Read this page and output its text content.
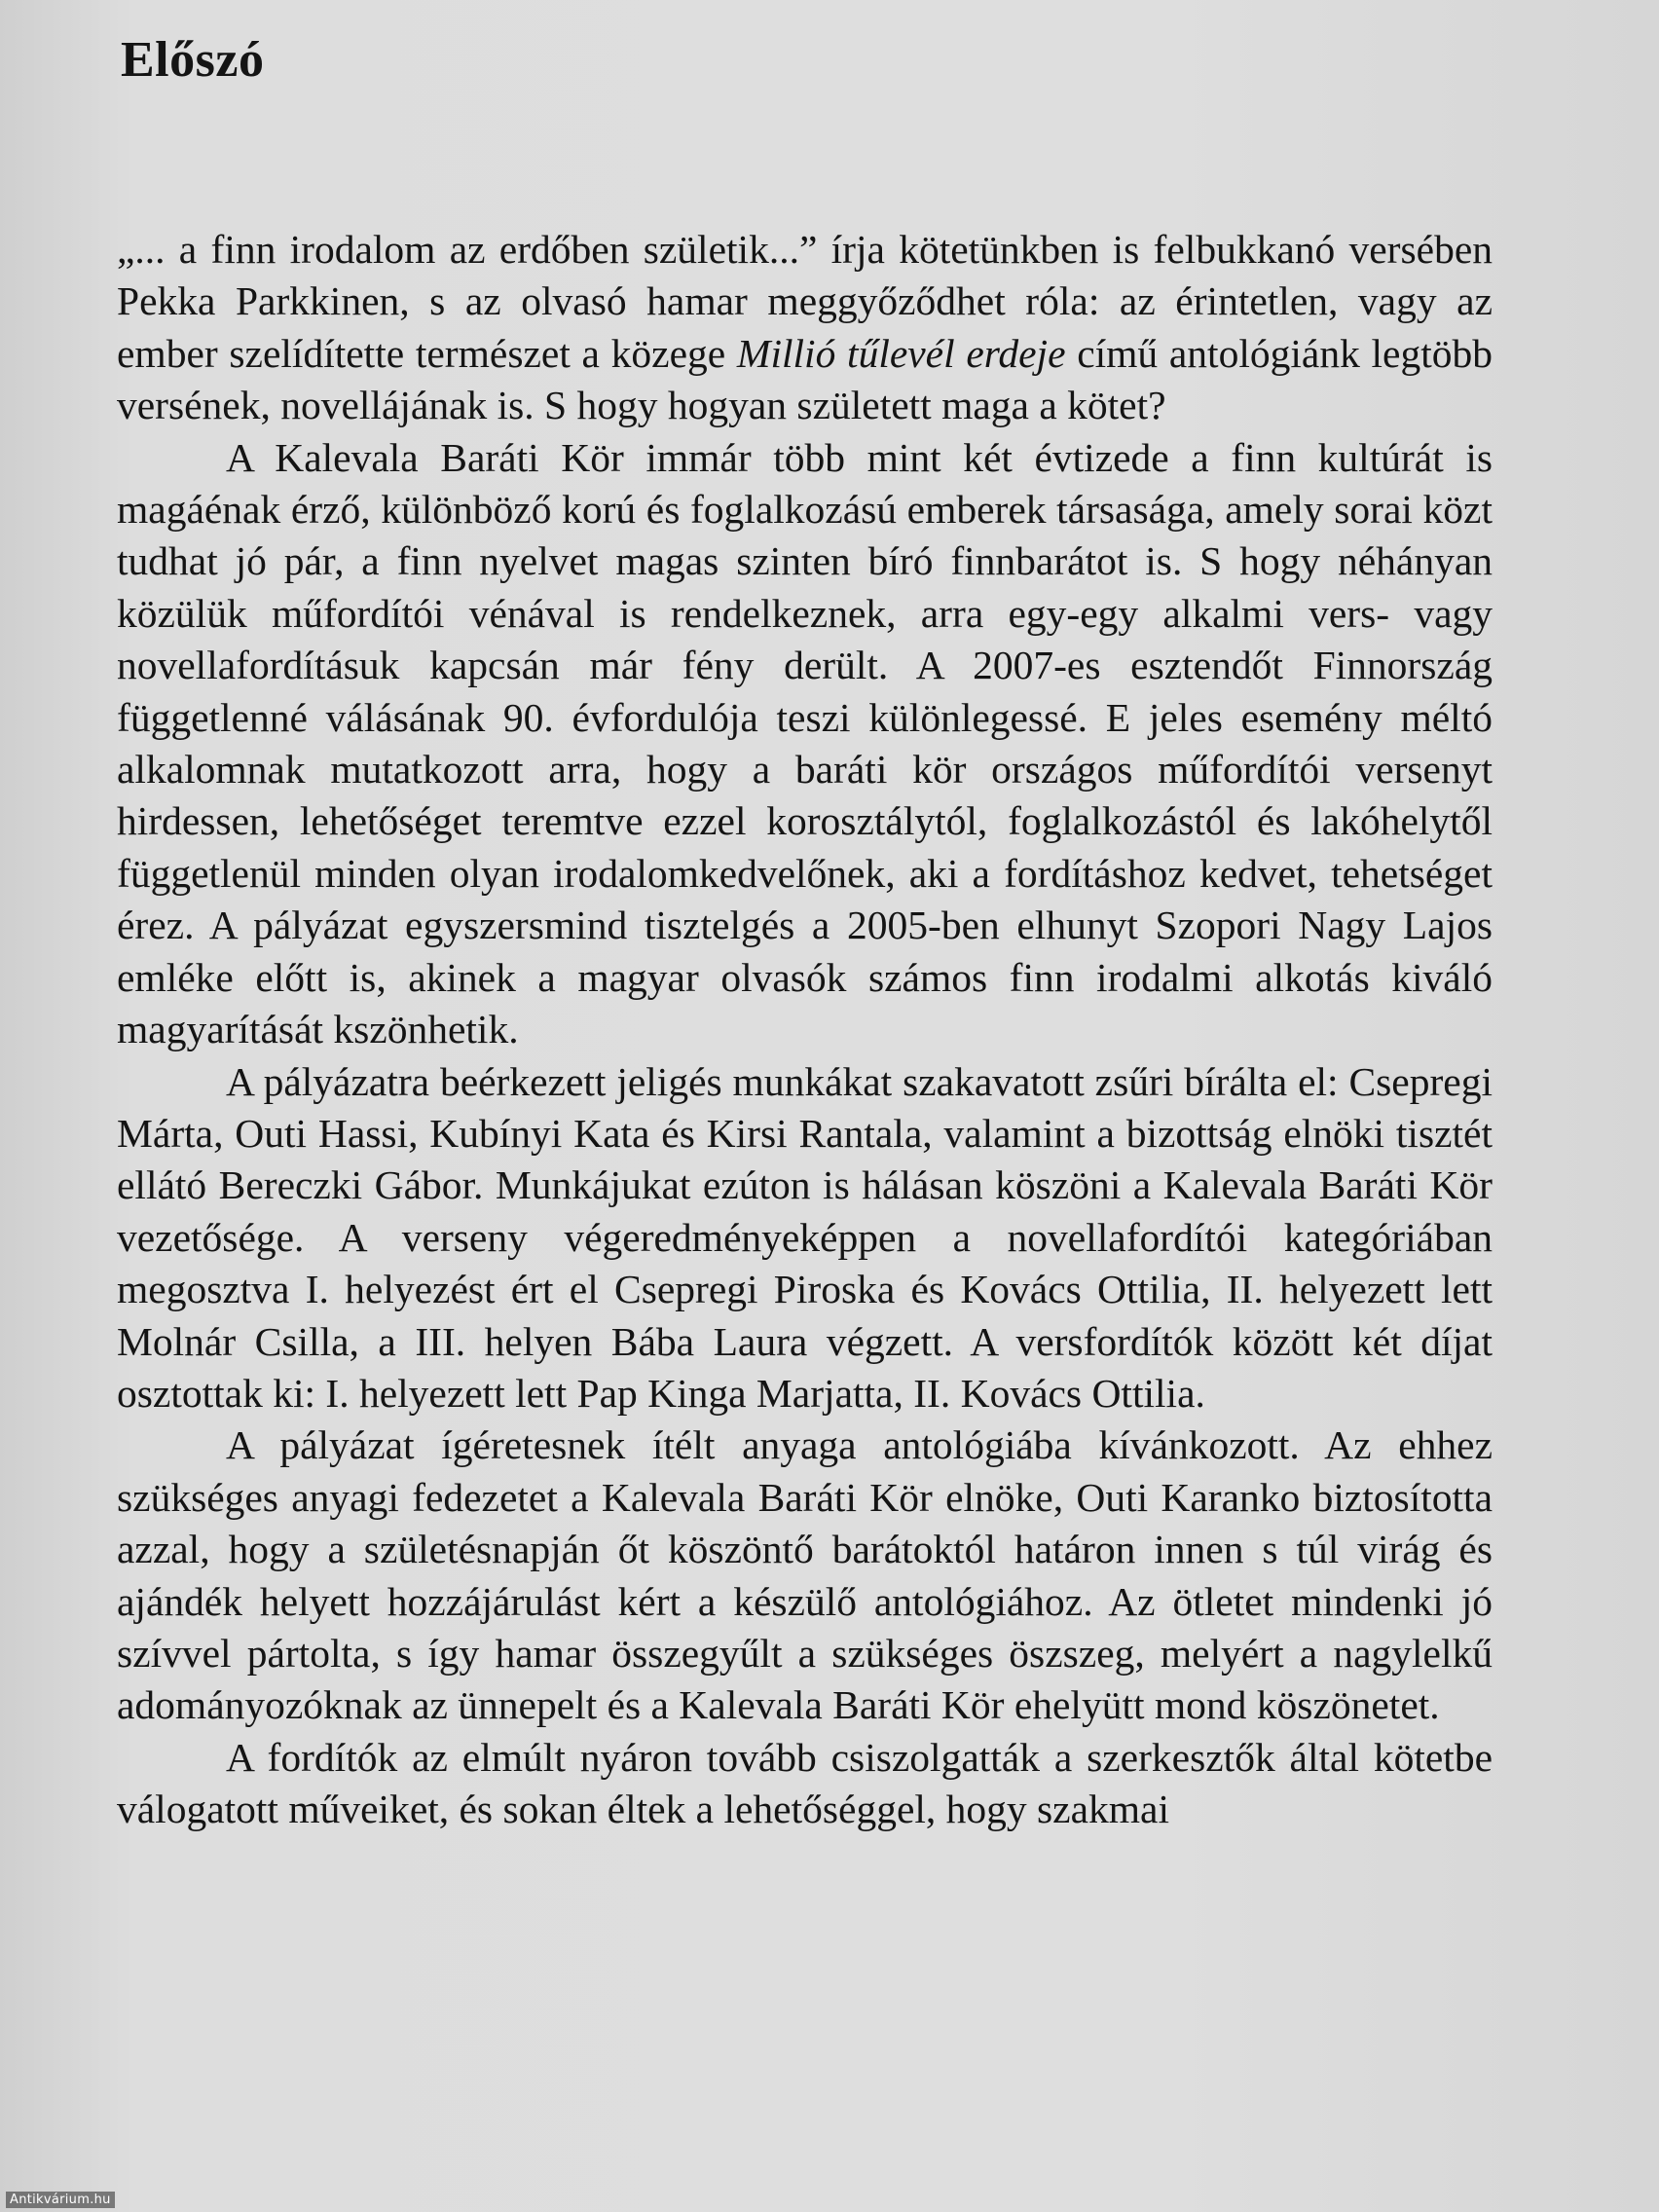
Előszó

„... a finn irodalom az erdőben születik...” írja kötetünkben is felbukkanó versében Pekka Parkkinen, s az olvasó hamar meggyőződhet róla: az érintetlen, vagy az ember szelídítette természet a közege Millió tűlevél erdeje című antológiánk legtöbb versének, novellájának is. S hogy hogyan született maga a kötet?

A Kalevala Baráti Kör immár több mint két évtizede a finn kultúrát is magáénak érző, különböző korú és foglalkozású emberek társasága, amely sorai közt tudhat jó pár, a finn nyelvet magas szinten bíró finnbarátot is. S hogy néhányan közülük műfordítói vénával is rendelkeznek, arra egy-egy alkalmi vers- vagy novellafordításuk kapcsán már fény derült. A 2007-es esztendőt Finnország függetlenné válásának 90. évfordulója teszi különlegessé. E jeles esemény méltó alkalomnak mutatkozott arra, hogy a baráti kör országos műfordítói versenyt hirdessen, lehetőséget teremtve ezzel korosztálytól, foglalkozástól és lakóhelytől függetlenül minden olyan irodalomkedvelőnek, aki a fordításhoz kedvet, tehetséget érez. A pályázat egyszersmind tisztelgés a 2005-ben elhunyt Szopori Nagy Lajos emléke előtt is, akinek a magyar olvasók számos finn irodalmi alkotás kiváló magyarítását kszönhetik.

A pályázatra beérkezett jeligés munkákat szakavatott zsűri bírálta el: Csepregi Márta, Outi Hassi, Kubínyi Kata és Kirsi Rantala, valamint a bizottság elnöki tisztét ellátó Bereczki Gábor. Munkájukat ezúton is hálásan köszöni a Kalevala Baráti Kör vezetősége. A verseny végeredményeképpen a novellafordítói kategóriában megosztva I. helyezést ért el Csepregi Piroska és Kovács Ottilia, II. helyezett lett Molnár Csilla, a III. helyen Bába Laura végzett. A versfordítók között két díjat osztottak ki: I. helyezett lett Pap Kinga Marjatta, II. Kovács Ottilia.

A pályázat ígéretesnek ítélt anyaga antológiába kívánkozott. Az ehhez szükséges anyagi fedezetet a Kalevala Baráti Kör elnöke, Outi Karanko biztosította azzal, hogy a születésnapján őt köszöntő barátoktól határon innen s túl virág és ajándék helyett hozzájárulást kért a készülő antológiához. Az ötletet mindenki jó szívvel pártolta, s így hamar összegyűlt a szükséges öszszeg, melyért a nagylelkű adományozóknak az ünnepelt és a Kalevala Baráti Kör ehelyütt mond köszönetet.

A fordítók az elmúlt nyáron tovább csiszolgatták a szerkesztők által kötetbe válogatott műveiket, és sokan éltek a lehetőséggel, hogy szakmai

Antikvárium.hu
